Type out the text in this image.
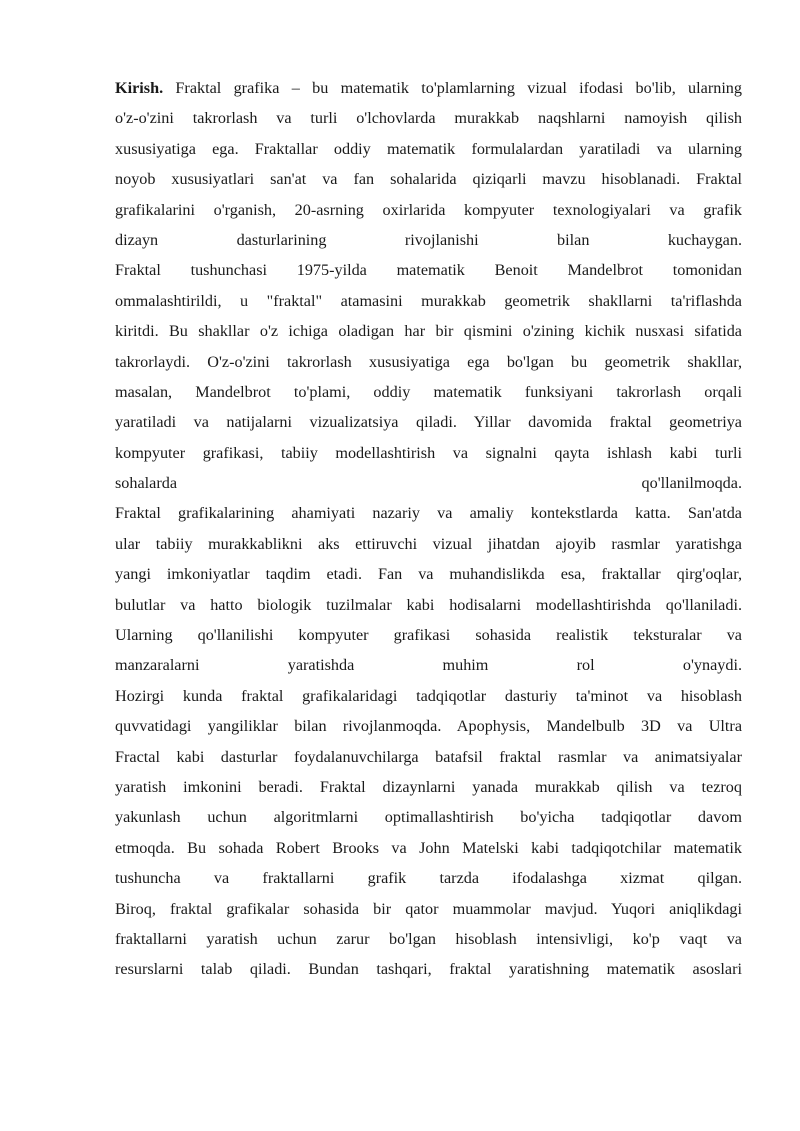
Kirish. Fraktal grafika – bu matematik to'plamlarning vizual ifodasi bo'lib, ularning
o'z-o'zini takrorlash va turli o'lchovlarda murakkab naqshlarni namoyish qilish
xususiyatiga ega. Fraktallar oddiy matematik formulalardan yaratiladi va ularning
noyob xususiyatlari san'at va fan sohalarida qiziqarli mavzu hisoblanadi. Fraktal
grafikalarini o'rganish, 20-asrning oxirlarida kompyuter texnologiyalari va grafik
dizayn dasturlarining rivojlanishi bilan kuchaygan.
Fraktal tushunchasi 1975-yilda matematik Benoit Mandelbrot tomonidan
ommalashtirildi, u "fraktal" atamasini murakkab geometrik shakllarni ta'riflashda
kiritdi. Bu shakllar o'z ichiga oladigan har bir qismini o'zining kichik nusxasi sifatida
takrorlaydi. O'z-o'zini takrorlash xususiyatiga ega bo'lgan bu geometrik shakllar,
masalan, Mandelbrot to'plami, oddiy matematik funksiyani takrorlash orqali
yaratiladi va natijalarni vizualizatsiya qiladi. Yillar davomida fraktal geometriya
kompyuter grafikasi, tabiiy modellashtirish va signalni qayta ishlash kabi turli
sohalarda qo'llanilmoqda.
Fraktal grafikalarining ahamiyati nazariy va amaliy kontekstlarda katta. San'atda
ular tabiiy murakkablikni aks ettiruvchi vizual jihatdan ajoyib rasmlar yaratishga
yangi imkoniyatlar taqdim etadi. Fan va muhandislikda esa, fraktallar qirg'oqlar,
bulutlar va hatto biologik tuzilmalar kabi hodisalarni modellashtirishda qo'llaniladi.
Ularning qo'llanilishi kompyuter grafikasi sohasida realistik teksturalar va
manzaralarni yaratishda muhim rol o'ynaydi.
Hozirgi kunda fraktal grafikalaridagi tadqiqotlar dasturiy ta'minot va hisoblash
quvvatidagi yangiliklar bilan rivojlanmoqda. Apophysis, Mandelbulb 3D va Ultra
Fractal kabi dasturlar foydalanuvchilarga batafsil fraktal rasmlar va animatsiyalar
yaratish imkonini beradi. Fraktal dizaynlarni yanada murakkab qilish va tezroq
yakunlash uchun algoritmlarni optimallashtirish bo'yicha tadqiqotlar davom
etmoqda. Bu sohada Robert Brooks va John Matelski kabi tadqiqotchilar matematik
tushuncha va fraktallarni grafik tarzda ifodalashga xizmat qilgan.
Biroq, fraktal grafikalar sohasida bir qator muammolar mavjud. Yuqori aniqlikdagi
fraktallarni yaratish uchun zarur bo'lgan hisoblash intensivligi, ko'p vaqt va
resurslarni talab qiladi. Bundan tashqari, fraktal yaratishning matematik asoslari
